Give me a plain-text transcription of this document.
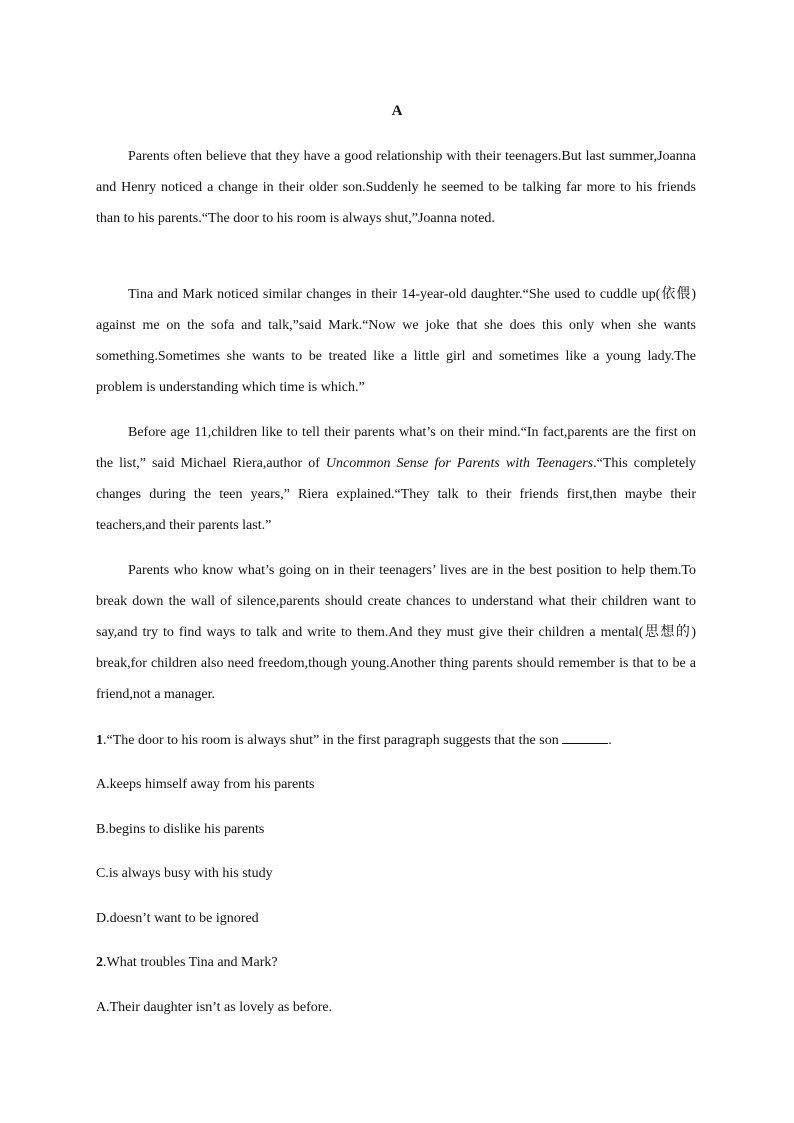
A

Parents often believe that they have a good relationship with their teenagers.But last summer,Joanna and Henry noticed a change in their older son.Suddenly he seemed to be talking far more to his friends than to his parents.“The door to his room is always shut,”Joanna noted.

Tina and Mark noticed similar changes in their 14-year-old daughter.“She used to cuddle up(依偎) against me on the sofa and talk,”said Mark.“Now we joke that she does this only when she wants something.Sometimes she wants to be treated like a little girl and sometimes like a young lady.The problem is understanding which time is which.”

Before age 11,children like to tell their parents what’s on their mind.“In fact,parents are the first on the list,” said Michael Riera,author of Uncommon Sense for Parents with Teenagers.“This completely changes during the teen years,” Riera explained.“They talk to their friends first,then maybe their teachers,and their parents last.”

Parents who know what’s going on in their teenagers’ lives are in the best position to help them.To break down the wall of silence,parents should create chances to understand what their children want to say,and try to find ways to talk and write to them.And they must give their children a mental(思想的) break,for children also need freedom,though young.Another thing parents should remember is that to be a friend,not a manager.

1.“The door to his room is always shut” in the first paragraph suggests that the son	.

A.keeps himself away from his parents

B.begins to dislike his parents

C.is always busy with his study

D.doesn’t want to be ignored

2.What troubles Tina and Mark?

A.Their daughter isn’t as lovely as before.
